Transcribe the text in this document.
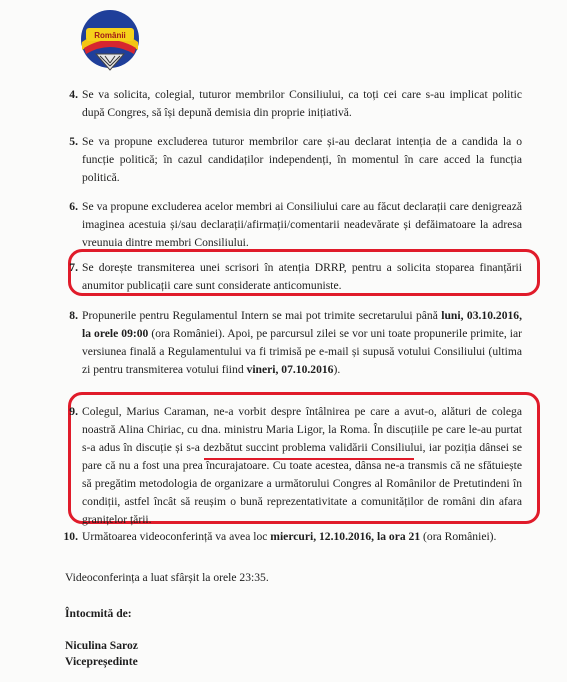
Românii
4. Se va solicita, colegial, tuturor membrilor Consiliului, ca toți cei care s-au implicat politic după Congres, să își depună demisia din proprie inițiativă.

5. Se va propune excluderea tuturor membrilor care și-au declarat intenția de a candida la o funcție politică; în cazul candidaților independenți, în momentul în care acced la funcția politică.

6. Se va propune excluderea acelor membri ai Consiliului care au făcut declarații care denigrează imaginea acestuia și/sau declarații/afirmații/comentarii neadevărate și defăimatoare la adresa vreunuia dintre membri Consiliului.

7. Se dorește transmiterea unei scrisori în atenția DRRP, pentru a solicita stoparea finanțării anumitor publicații care sunt considerate anticomuniste.

8. Propunerile pentru Regulamentul Intern se mai pot trimite secretarului până luni, 03.10.2016, la orele 09:00 (ora României). Apoi, pe parcursul zilei se vor uni toate propunerile primite, iar versiunea finală a Regulamentului va fi trimisă pe e-mail și supusă votului Consiliului (ultima zi pentru transmiterea votului fiind vineri, 07.10.2016).

9. Colegul, Marius Caraman, ne-a vorbit despre întâlnirea pe care a avut-o, alături de colega noastră Alina Chiriac, cu dna. ministru Maria Ligor, la Roma. În discuțiile pe care le-au purtat s-a adus în discuție și s-a dezbătut succint problema validării Consiliului, iar poziția dânsei se pare că nu a fost una prea încurajatoare. Cu toate acestea, dânsa ne-a transmis că ne sfătuiește să pregătim metodologia de organizare a următorului Congres al Românilor de Pretutindeni în condiții, astfel încât să reușim o bună reprezentativitate a comunităților de români din afara granițelor țării.

10. Următoarea videoconferință va avea loc miercuri, 12.10.2016, la ora 21 (ora României).

Videoconferința a luat sfârșit la orele 23:35.
Întocmită de:
Niculina Saroz
Vicepreședinte
